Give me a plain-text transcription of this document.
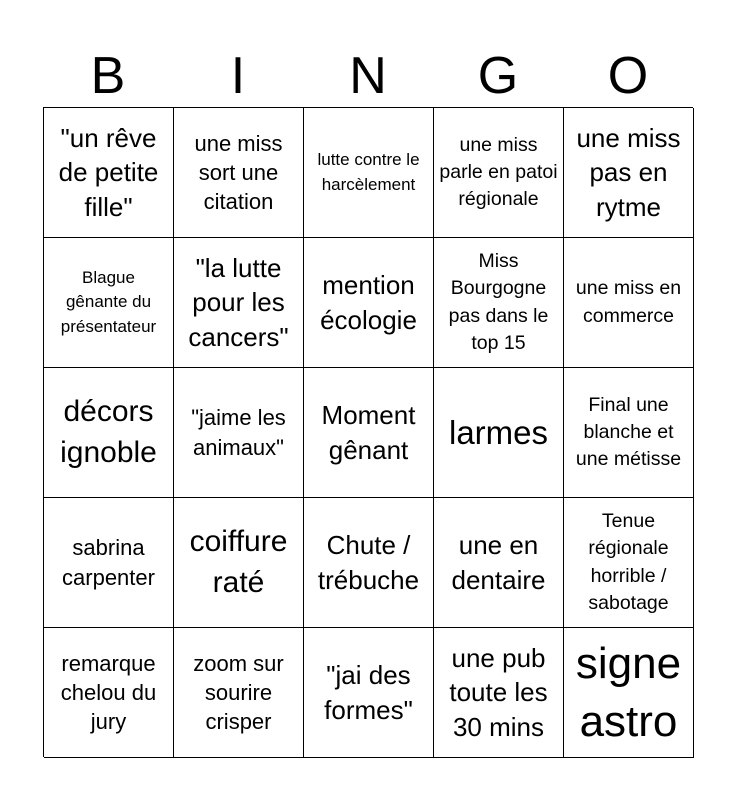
B	I	N	G	O
"un rêve de petite fille"
une miss sort une citation
lutte contre le harcèlement
une miss parle en patoi régionale
une miss pas en rytme
Blague gênante du présentateur
"la lutte pour les cancers"
mention écologie
Miss Bourgogne pas dans le top 15
une miss en commerce
décors ignoble
"jaime les animaux"
Moment gênant	larmes
Final une blanche et une métisse
sabrina carpenter
coiffure raté
Chute / trébuche
une en dentaire
Tenue régionale horrible / sabotage
remarque chelou du jury
zoom sur sourire crisper
"jai des formes"
une pub toute les 30 mins
signe astro
